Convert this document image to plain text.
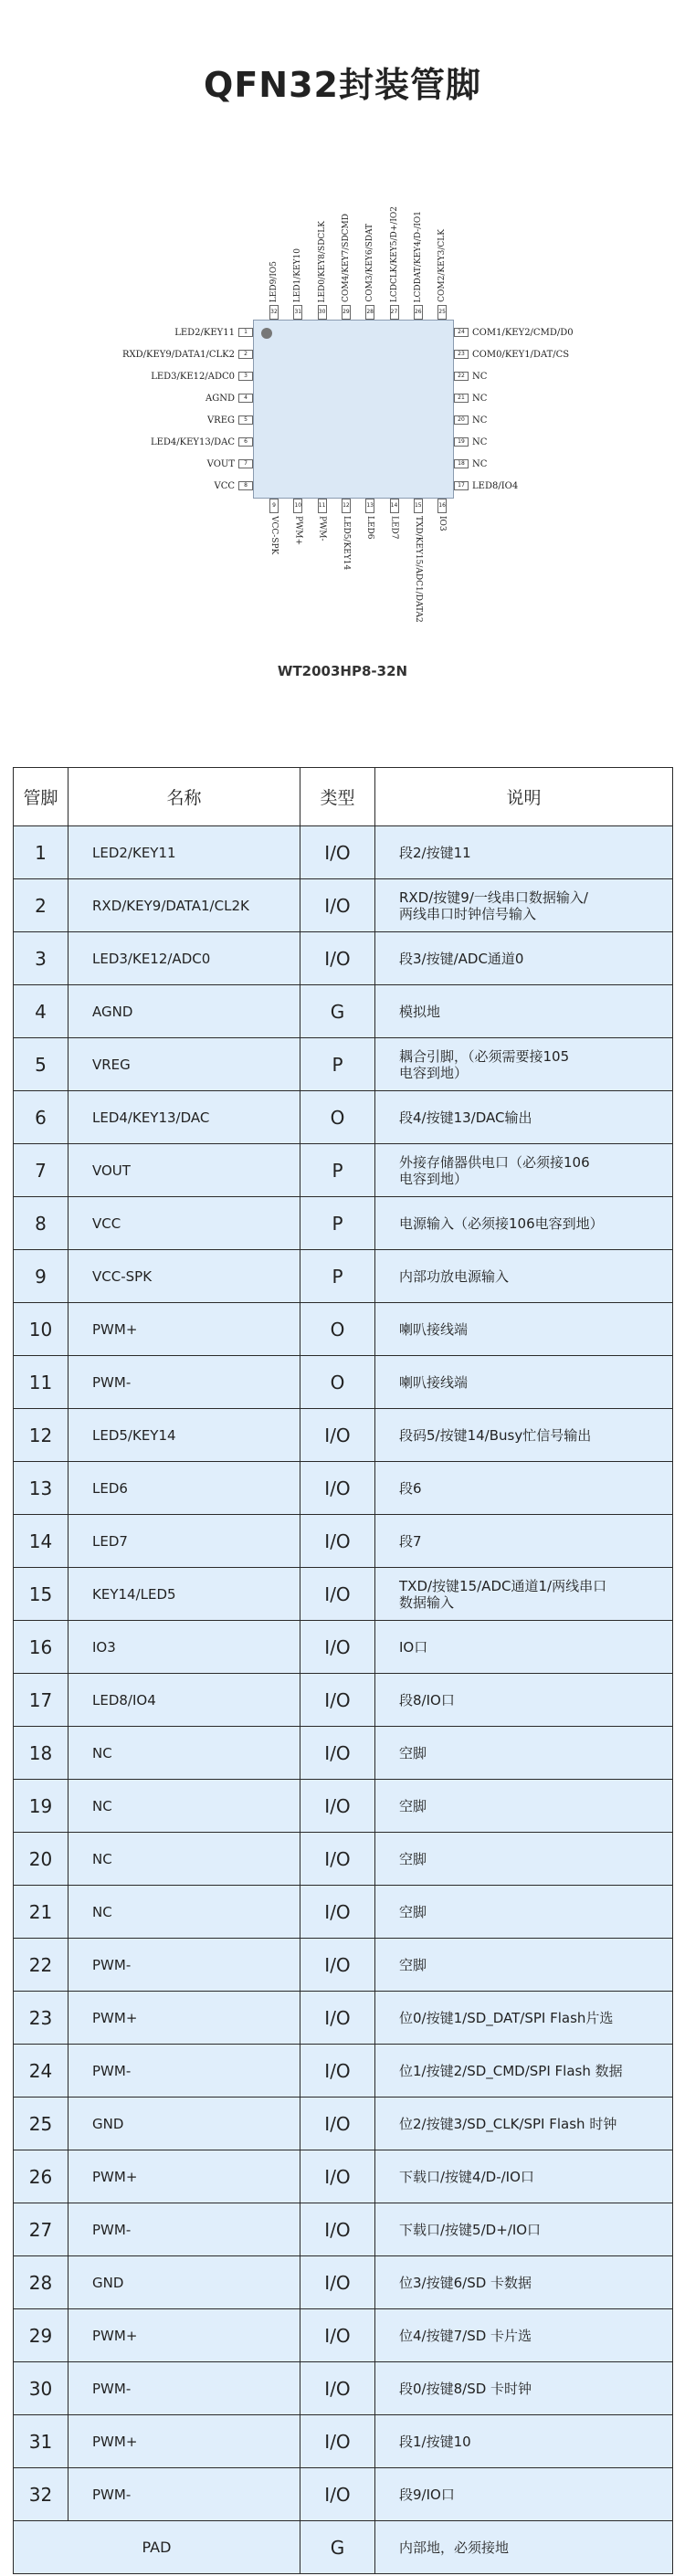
QFN32封装管脚
WT2003HP8-32N
LED2/KEY11	1
RXD/KEY9/DATA1/CLK2	2
LED3/KE12/ADC0	3
AGND	4
VREG	5
LED4/KEY13/DAC	6
VOUT	7
VCC	8
24 COM1/KEY2/CMD/D0
23 COM0/KEY1/DAT/CS
22 NC
21 NC
20 NC
19 NC
18 NC
17 LED8/IO4
LED9/IO5
32
LED1/KEY10
31
LED0/KEY8/SDCLK
30
COM4/KEY7/SDCMD
29
COM3/KEY6/SDAT
28
LCDCLK/KEY5/D+/IO2
27
LCDDAT/KEY4/D-/IO1
26
COM2/KEY3/CLK
25
9
VCC-SPK
10
PWM+
11
PWM-
12
LED5/KEY14
13
LED6
14
LED7
15
TXD/KEY15/ADC1/DATA2
16
IO3
管脚	名称	类型	说明
1	LED2/KEY11	I/O	段2/按键11
2	RXD/KEY9/DATA1/CL2K	I/O	RXD/按键9/一线串口数据输入/
两线串口时钟信号输入
3	LED3/KE12/ADC0	I/O	段3/按键/ADC通道0
4	AGND	G	模拟地
5	VREG	P	耦合引脚，（必须需要接105
电容到地）
6	LED4/KEY13/DAC	O	段4/按键13/DAC输出
7	VOUT	P	外接存储器供电口（必须接106
电容到地）
8	VCC	P	电源输入（必须接106电容到地）
9	VCC-SPK	P	内部功放电源输入
10	PWM+	O	喇叭接线端
11	PWM-	O	喇叭接线端
12	LED5/KEY14	I/O	段码5/按键14/Busy忙信号输出
13	LED6	I/O	段6
14	LED7	I/O	段7
15	KEY14/LED5	I/O	TXD/按键15/ADC通道1/两线串口
数据输入
16	IO3	I/O	IO口
17	LED8/IO4	I/O	段8/IO口
18	NC	I/O	空脚
19	NC	I/O	空脚
20	NC	I/O	空脚
21	NC	I/O	空脚
22	PWM-	I/O	空脚
23	PWM+	I/O	位0/按键1/SD_DAT/SPI Flash片选
24	PWM-	I/O	位1/按键2/SD_CMD/SPI Flash 数据
25	GND	I/O	位2/按键3/SD_CLK/SPI Flash 时钟
26	PWM+	I/O	下载口/按键4/D-/IO口
27	PWM-	I/O	下载口/按键5/D+/IO口
28	GND	I/O	位3/按键6/SD 卡数据
29	PWM+	I/O	位4/按键7/SD 卡片选
30	PWM-	I/O	段0/按键8/SD 卡时钟
31	PWM+	I/O	段1/按键10
32	PWM-	I/O	段9/IO口
PAD		G	内部地，必须接地
